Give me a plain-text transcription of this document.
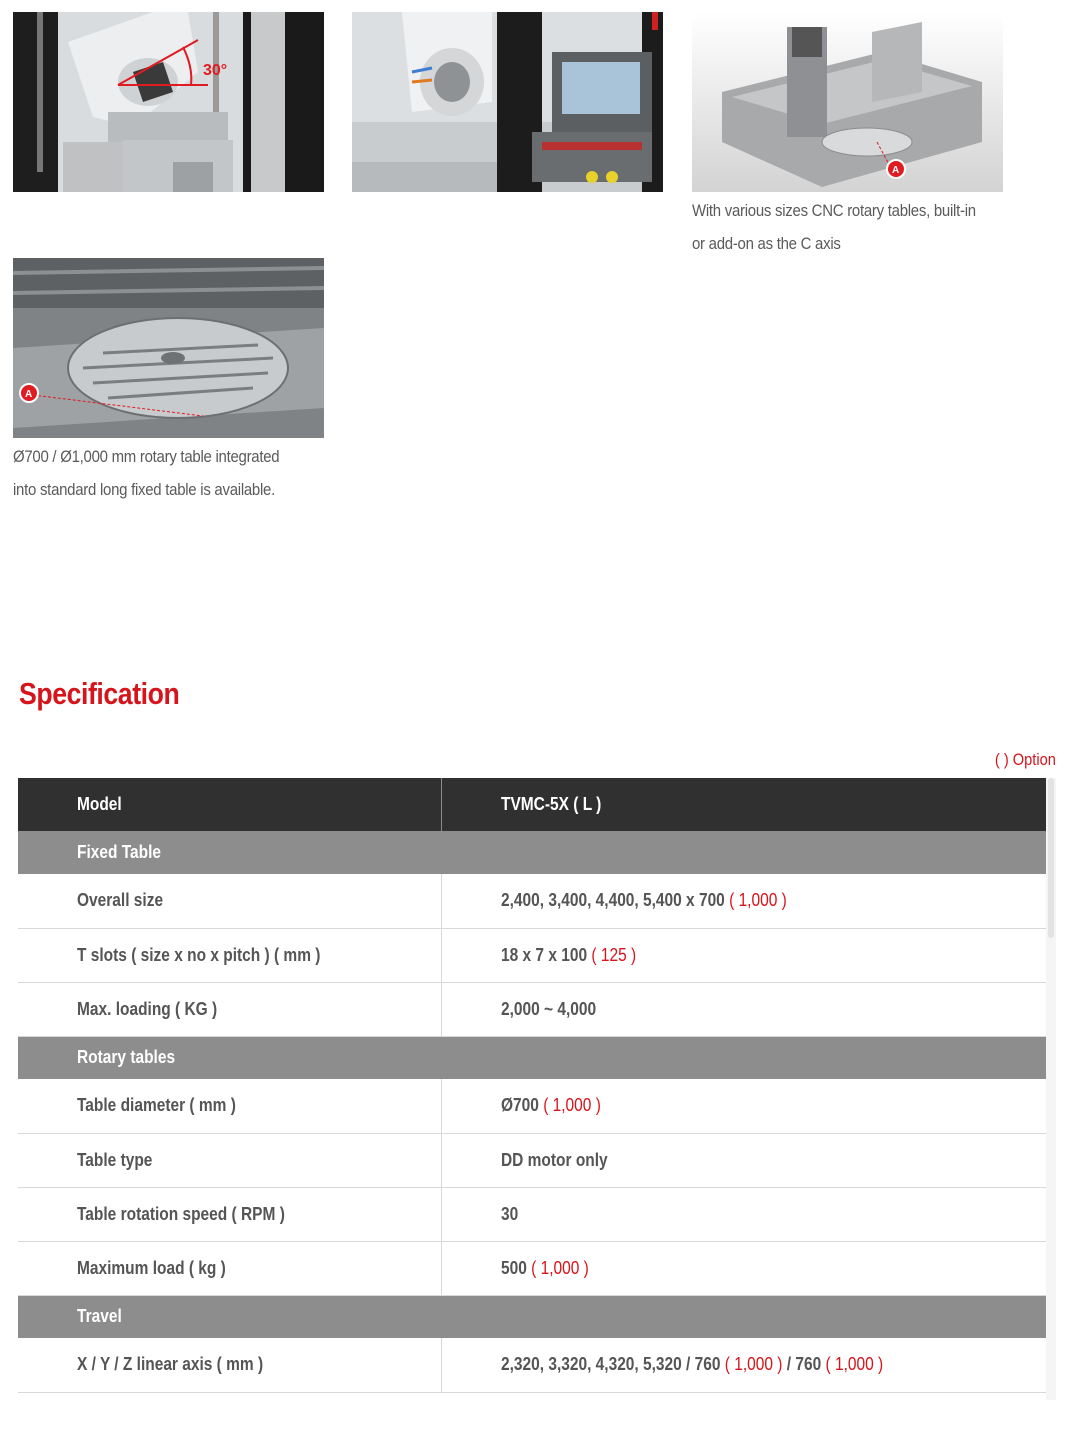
30°
A
With various sizes CNC rotary tables, built-in
or add-on as the C axis
A
Ø700 / Ø1,000 mm rotary table integrated
into standard long fixed table is available.
Specification
( ) Option
Model	TVMC-5X ( L )
Fixed Table	
Overall size	2,400, 3,400, 4,400, 5,400 x 700 ( 1,000 )
T slots ( size x no x pitch ) ( mm )	18 x 7 x 100 ( 125 )
Max. loading ( KG )	2,000 ~ 4,000
Rotary tables	
Table diameter ( mm )	Ø700 ( 1,000 )
Table type	DD motor only
Table rotation speed ( RPM )	30
Maximum load ( kg )	500 ( 1,000 )
Travel	
X / Y / Z linear axis ( mm )	2,320, 3,320, 4,320, 5,320 / 760 ( 1,000 ) / 760 ( 1,000 )
